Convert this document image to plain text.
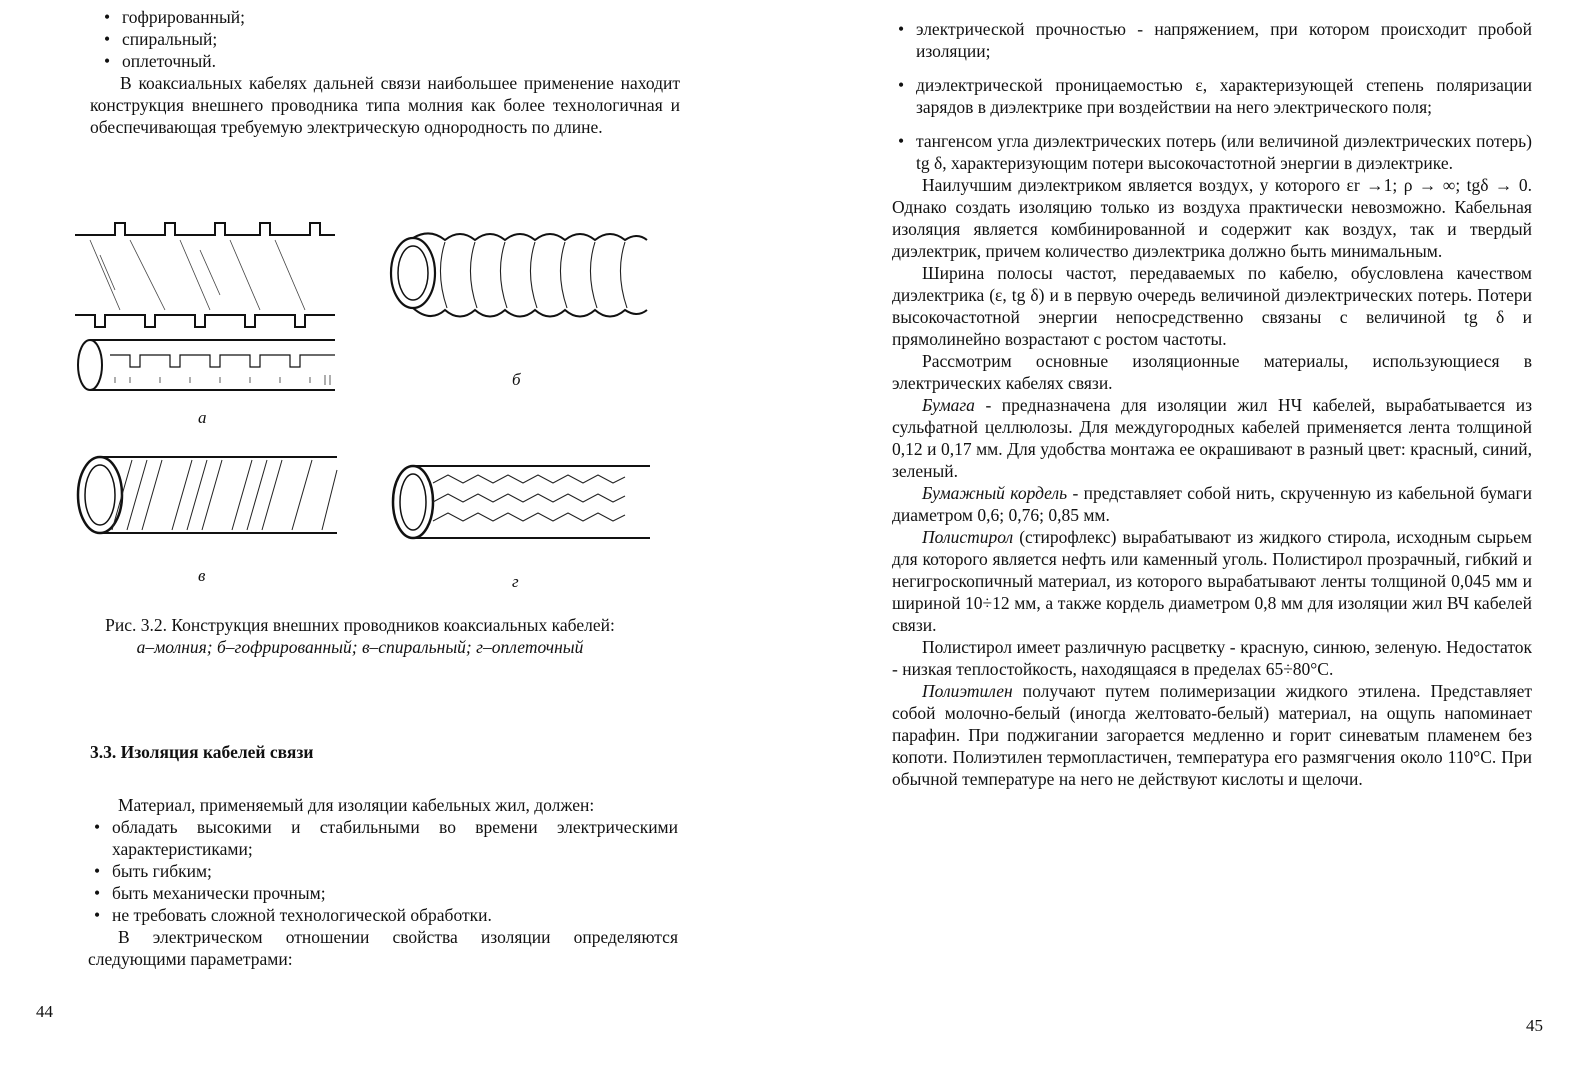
• гофрированный;
• спиральный;
• оплеточный.

В коаксиальных кабелях дальней связи наибольшее применение находит конструкция внешнего проводника типа молния как более технологичная и обеспечивающая требуемую электрическую однородность по длине.

а
б
в	г
Рис. 3.2. Конструкция внешних проводников коаксиальных кабелей:
а–молния; б–гофрированный; в–спиральный; г–оплеточный
3.3. Изоляция кабелей связи

Материал, применяемый для изоляции кабельных жил, должен:

• обладать высокими и стабильными во времени электрическими характеристиками;
• быть гибким;
• быть механически прочным;
• не требовать сложной технологической обработки.

В электрическом отношении свойства изоляции определяются следующими параметрами:

44
• электрической прочностью - напряжением, при котором происходит пробой изоляции;
• диэлектрической проницаемостью ε, характеризующей степень поляризации зарядов в диэлектрике при воздействии на него электрического поля;
• тангенсом угла диэлектрических потерь (или величиной диэлектрических потерь) tg δ, характеризующим потери высокочастотной энергии в диэлектрике.

Наилучшим диэлектриком является воздух, у которого εr →1; ρ → ∞; tgδ → 0. Однако создать изоляцию только из воздуха практически невозможно. Кабельная изоляция является комбинированной и содержит как воздух, так и твердый диэлектрик, причем количество диэлектрика должно быть минимальным.

Ширина полосы частот, передаваемых по кабелю, обусловлена качеством диэлектрика (ε, tg δ) и в первую очередь величиной диэлектрических потерь. Потери высокочастотной энергии непосредственно связаны с величиной tg δ и прямолинейно возрастают с ростом частоты.

Рассмотрим основные изоляционные материалы, использующиеся в электрических кабелях связи.

Бумага - предназначена для изоляции жил НЧ кабелей, вырабатывается из сульфатной целлюлозы. Для междугородных кабелей применяется лента толщиной 0,12 и 0,17 мм. Для удобства монтажа ее окрашивают в разный цвет: красный, синий, зеленый.

Бумажный кордель - представляет собой нить, скрученную из кабельной бумаги диаметром 0,6; 0,76; 0,85 мм.

Полистирол (стирофлекс) вырабатывают из жидкого стирола, исходным сырьем для которого является нефть или каменный уголь. Полистирол прозрачный, гибкий и негигроскопичный материал, из которого вырабатывают ленты толщиной 0,045 мм и шириной 10÷12 мм, а также кордель диаметром 0,8 мм для изоляции жил ВЧ кабелей связи.

Полистирол имеет различную расцветку - красную, синюю, зеленую. Недостаток - низкая теплостойкость, находящаяся в пределах 65÷80°С.

Полиэтилен получают путем полимеризации жидкого этилена. Представляет собой молочно-белый (иногда желтовато-белый) материал, на ощупь напоминает парафин. При поджигании загорается медленно и горит синеватым пламенем без копоти. Полиэтилен термопластичен, температура его размягчения около 110°С. При обычной температуре на него не действуют кислоты и щелочи.

45
